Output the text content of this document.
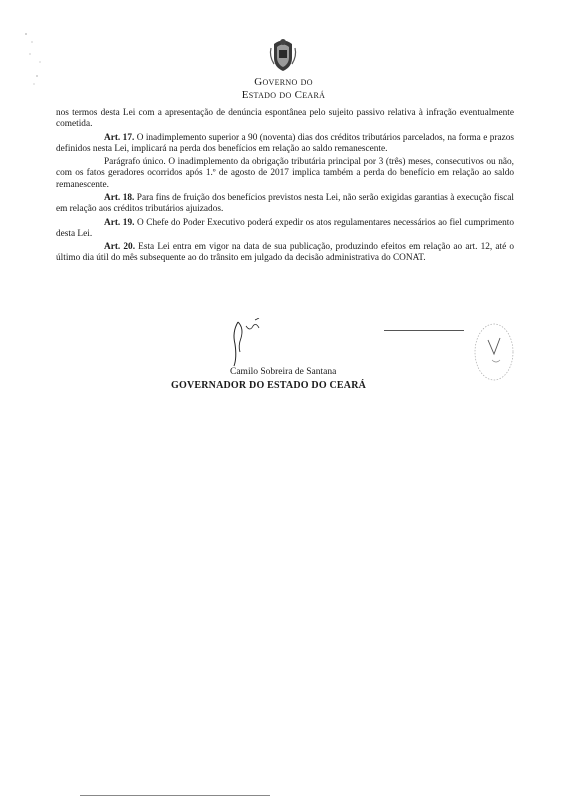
Governo do
Estado do Ceará

nos termos desta Lei com a apresentação de denúncia espontânea pelo sujeito passivo relativa à infração eventualmente cometida.

Art. 17. O inadimplemento superior a 90 (noventa) dias dos créditos tributários parcelados, na forma e prazos definidos nesta Lei, implicará na perda dos benefícios em relação ao saldo remanescente.

Parágrafo único. O inadimplemento da obrigação tributária principal por 3 (três) meses, consecutivos ou não, com os fatos geradores ocorridos após 1.º de agosto de 2017 implica também a perda do benefício em relação ao saldo remanescente.

Art. 18. Para fins de fruição dos benefícios previstos nesta Lei, não serão exigidas garantias à execução fiscal em relação aos créditos tributários ajuizados.

Art. 19. O Chefe do Poder Executivo poderá expedir os atos regulamentares necessários ao fiel cumprimento desta Lei.

Art. 20. Esta Lei entra em vigor na data de sua publicação, produzindo efeitos em relação ao art. 12, até o último dia útil do mês subsequente ao do trânsito em julgado da decisão administrativa do CONAT.

Camilo Sobreira de Santana
GOVERNADOR DO ESTADO DO CEARÁ
